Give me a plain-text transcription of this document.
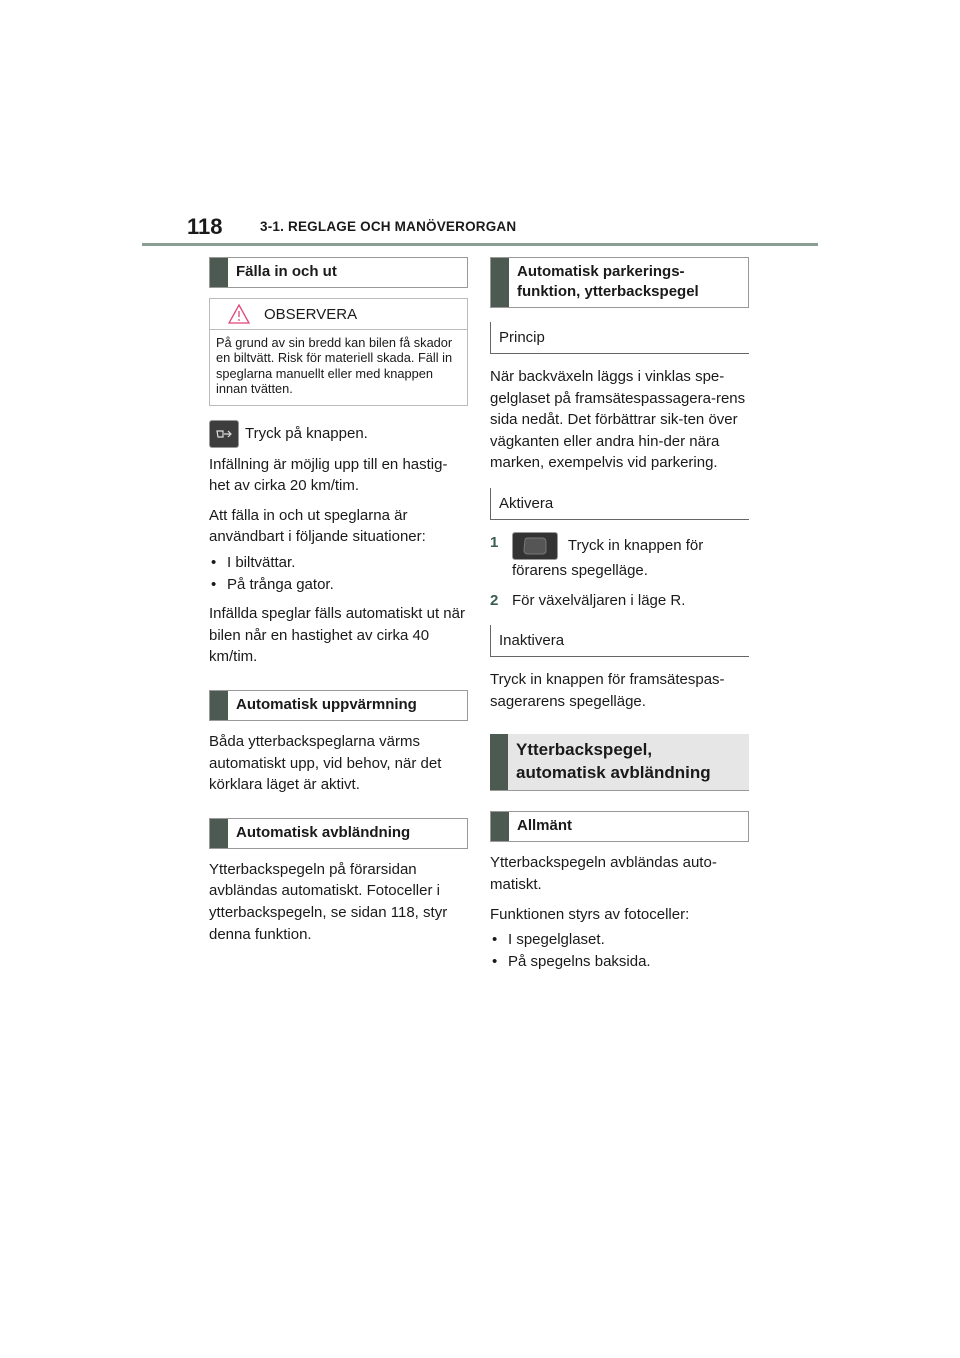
118	3-1. REGLAGE OCH MANÖVERORGAN
Fälla in och ut
OBSERVERA
På grund av sin bredd kan bilen få skador en biltvätt. Risk för materiell skada. Fäll in speglarna manuellt eller med knappen innan tvätten.
Tryck på knappen.

Infällning är möjlig upp till en hastig-het av cirka 20 km/tim.

Att fälla in och ut speglarna är användbart i följande situationer:

• I biltvättar.
• På trånga gator.

Infällda speglar fälls automatiskt ut när bilen når en hastighet av cirka 40 km/tim.

Automatisk uppvärmning

Båda ytterbackspeglarna värms automatiskt upp, vid behov, när det körklara läget är aktivt.

Automatisk avbländning

Ytterbackspegeln på förarsidan avbländas automatiskt. Fotoceller i ytterbackspegeln, se sidan 118, styr denna funktion.

Automatisk parkerings-funktion, ytterbackspegel
Princip

När backväxeln läggs i vinklas spe-gelglaset på framsätespassagera-rens sida nedåt. Det förbättrar sik-ten över vägkanten eller andra hin-der nära marken, exempelvis vid parkering.

Aktivera
1	Tryck in knappen för förarens spegelläge.
2 För växelväljaren i läge R.
Inaktivera

Tryck in knappen för framsätespas-sagerarens spegelläge.

Ytterbackspegel, automatisk avbländning
Allmänt

Ytterbackspegeln avbländas auto-matiskt.

Funktionen styrs av fotoceller:

• I spegelglaset.
• På spegelns baksida.
